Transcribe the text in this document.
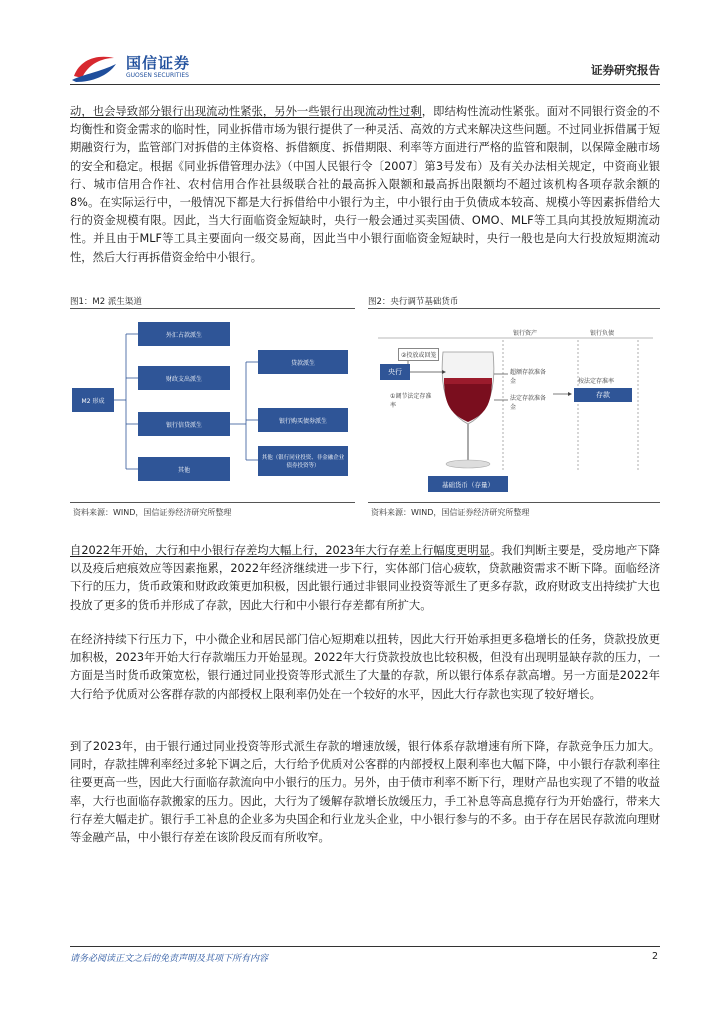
国信证券
GUOSEN SECURITIES	证券研究报告
动，也会导致部分银行出现流动性紧张，另外一些银行出现流动性过剩，即结构性流动性紧张。面对不同银行资金的不均衡性和资金需求的临时性，同业拆借市场为银行提供了一种灵活、高效的方式来解决这些问题。不过同业拆借属于短期融资行为，监管部门对拆借的主体资格、拆借额度、拆借期限、利率等方面进行严格的监管和限制，以保障金融市场的安全和稳定。根据《同业拆借管理办法》（中国人民银行令〔2007〕第3号发布）及有关办法相关规定，中资商业银行、城市信用合作社、农村信用合作社县级联合社的最高拆入限额和最高拆出限额均不超过该机构各项存款余额的8%。在实际运行中，一般情况下都是大行拆借给中小银行为主，中小银行由于负债成本较高、规模小等因素拆借给大行的资金规模有限。因此，当大行面临资金短缺时，央行一般会通过买卖国债、OMO、MLF等工具向其投放短期流动性。并且由于MLF等工具主要面向一级交易商，因此当中小银行面临资金短缺时，央行一般也是向大行投放短期流动性，然后大行再拆借资金给中小银行。
图1：M2 派生渠道
M2 形成
外汇占款派生
财政支出派生
银行信贷派生
其他
贷款派生
银行购买债券派生
其他（银行同业投资、非金融企业债券投资等）
资料来源：WIND，国信证券经济研究所整理
图2：央行调节基础货币
银行资产	银行负债
央行
②投放或回笼
①调节法定存准率
超额存款准备金
法定存款准备金
按法定存准率
存款
基础货币（存量）
资料来源：WIND，国信证券经济研究所整理
自2022年开始，大行和中小银行存差均大幅上行，2023年大行存差上行幅度更明显。我们判断主要是，受房地产下降以及疫后疤痕效应等因素拖累，2022年经济继续进一步下行，实体部门信心疲软，贷款融资需求不断下降。面临经济下行的压力，货币政策和财政政策更加积极，因此银行通过非银同业投资等派生了更多存款，政府财政支出持续扩大也投放了更多的货币并形成了存款，因此大行和中小银行存差都有所扩大。
在经济持续下行压力下，中小微企业和居民部门信心短期难以扭转，因此大行开始承担更多稳增长的任务，贷款投放更加积极，2023年开始大行存款端压力开始显现。2022年大行贷款投放也比较积极，但没有出现明显缺存款的压力，一方面是当时货币政策宽松，银行通过同业投资等形式派生了大量的存款，所以银行体系存款高增。另一方面是2022年大行给予优质对公客群存款的内部授权上限利率仍处在一个较好的水平，因此大行存款也实现了较好增长。
到了2023年，由于银行通过同业投资等形式派生存款的增速放缓，银行体系存款增速有所下降，存款竞争压力加大。同时，存款挂牌利率经过多轮下调之后，大行给予优质对公客群的内部授权上限利率也大幅下降，中小银行存款利率往往要更高一些，因此大行面临存款流向中小银行的压力。另外，由于债市利率不断下行，理财产品也实现了不错的收益率，大行也面临存款搬家的压力。因此，大行为了缓解存款增长放缓压力，手工补息等高息揽存行为开始盛行，带来大行存差大幅走扩。银行手工补息的企业多为央国企和行业龙头企业，中小银行参与的不多。由于存在居民存款流向理财等金融产品，中小银行存差在该阶段反而有所收窄。
请务必阅读正文之后的免责声明及其项下所有内容	2
